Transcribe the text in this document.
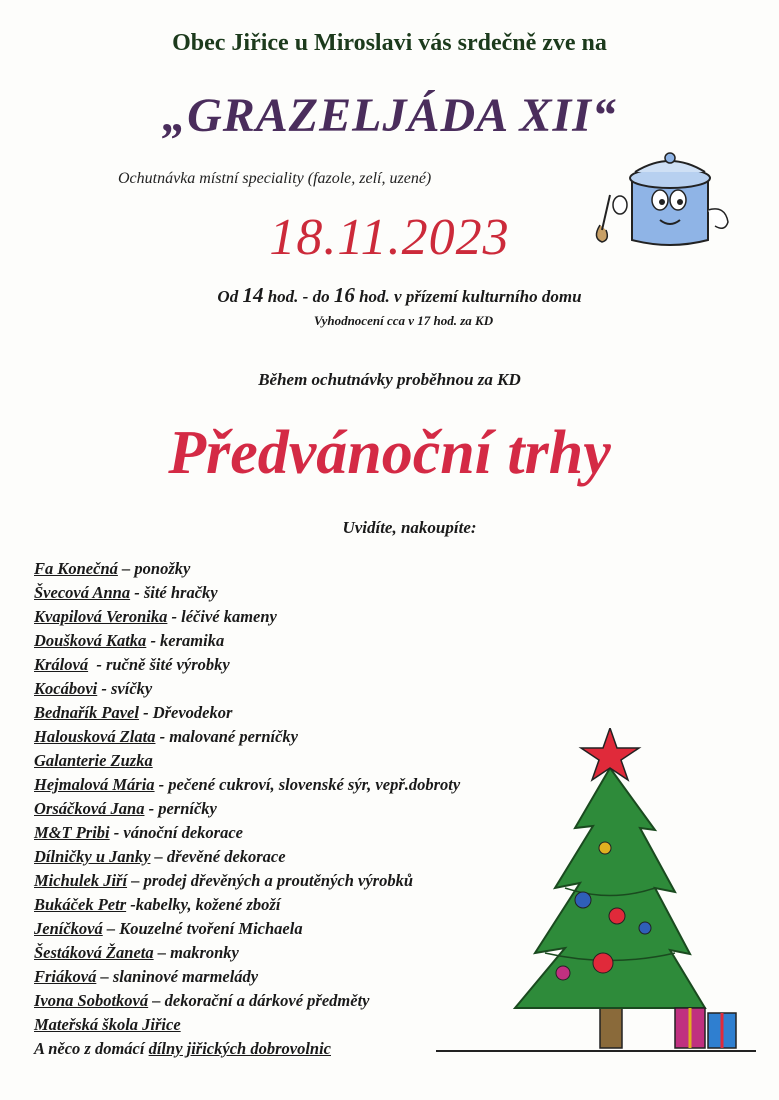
Obec Jiřice u Miroslavi vás srdečně zve na
„GRAZELJÁDA XII“
Ochutnávka místní speciality (fazole, zelí, uzené)
18.11.2023
Od 14 hod. - do 16 hod. v přízemí kulturního domu
Vyhodnocení cca v 17 hod. za KD
Během ochutnávky proběhnou za KD
Předvánoční trhy
Uvidíte, nakoupíte:
Fa Konečná – ponožky
Švecová Anna - šité hračky
Kvapilová Veronika - léčivé kameny
Doušková Katka - keramika
Králová  - ručně šité výrobky
Kocábovi - svíčky
Bednařík Pavel - Dřevodekor
Halousková Zlata - malované perníčky
Galanterie Zuzka
Hejmalová Mária - pečené cukroví, slovenské sýr, vepř.dobroty
Orsáčková Jana - perníčky
M&T Pribi - vánoční dekorace
Dílničky u Janky – dřevěné dekorace
Michulek Jiří – prodej dřevěných a proutěných výrobků
Bukáček Petr -kabelky, kožené zboží
Jeníčková – Kouzelné tvoření Michaela
Šestáková Žaneta – makronky
Friáková – slaninové marmelády
Ivona Sobotková – dekorační a dárkové předměty
Mateřská škola Jiřice
A něco z domácí dílny jiřických dobrovolnic
